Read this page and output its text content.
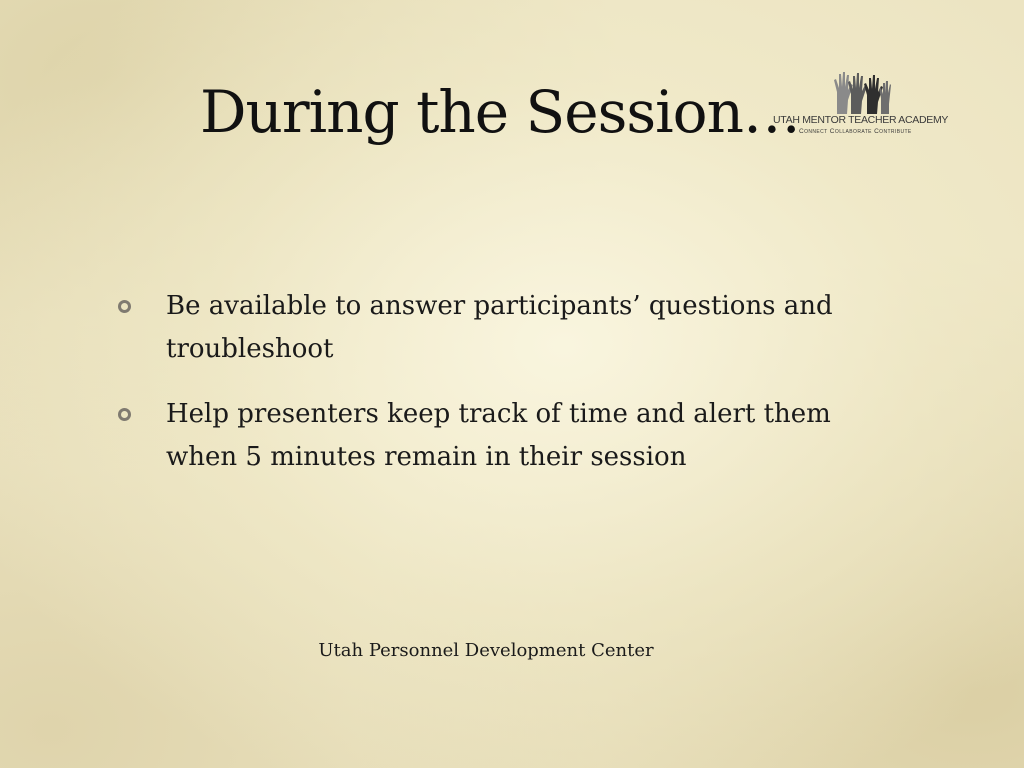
During the Session…
UTAH MENTOR TEACHER ACADEMY
Connect Collaborate Contribute
Be available to answer participants’ questions and troubleshoot
Help presenters keep track of time and alert them when 5 minutes remain in their session
Utah Personnel Development Center
